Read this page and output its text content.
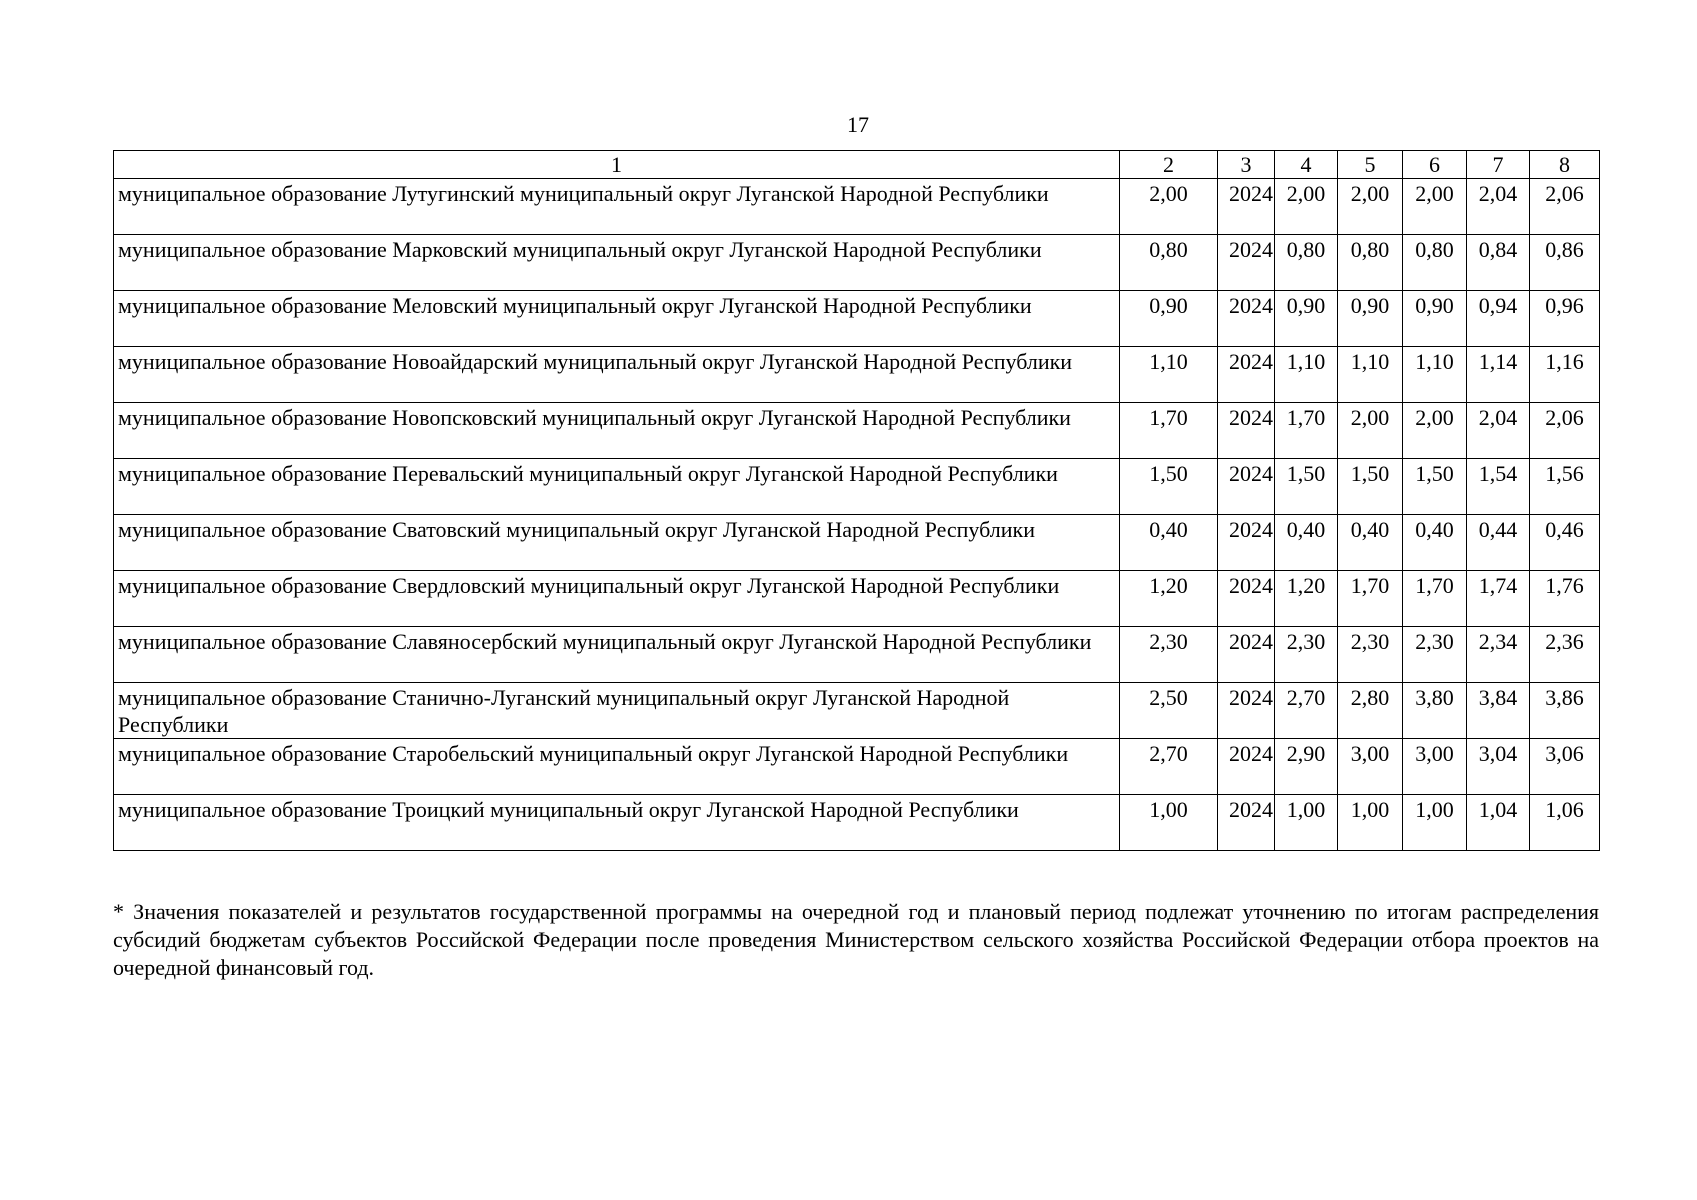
17
1	2	3	4	5	6	7	8
муниципальное образование Лутугинский муниципальный округ Луганской Народной Республики	2,00	2024	2,00	2,00	2,00	2,04	2,06
муниципальное образование Марковский муниципальный округ Луганской Народной Республики	0,80	2024	0,80	0,80	0,80	0,84	0,86
муниципальное образование Меловский муниципальный округ Луганской Народной Республики	0,90	2024	0,90	0,90	0,90	0,94	0,96
муниципальное образование Новоайдарский муниципальный округ Луганской Народной Республики	1,10	2024	1,10	1,10	1,10	1,14	1,16
муниципальное образование Новопсковский муниципальный округ Луганской Народной Республики	1,70	2024	1,70	2,00	2,00	2,04	2,06
муниципальное образование Перевальский муниципальный округ Луганской Народной Республики	1,50	2024	1,50	1,50	1,50	1,54	1,56
муниципальное образование Сватовский муниципальный округ Луганской Народной Республики	0,40	2024	0,40	0,40	0,40	0,44	0,46
муниципальное образование Свердловский муниципальный округ Луганской Народной Республики	1,20	2024	1,20	1,70	1,70	1,74	1,76
муниципальное образование Славяносербский муниципальный округ Луганской Народной Республики	2,30	2024	2,30	2,30	2,30	2,34	2,36
муниципальное образование Станично-Луганский муниципальный округ Луганской Народной Республики	2,50	2024	2,70	2,80	3,80	3,84	3,86
муниципальное образование Старобельский муниципальный округ Луганской Народной Республики	2,70	2024	2,90	3,00	3,00	3,04	3,06
муниципальное образование Троицкий муниципальный округ Луганской Народной Республики	1,00	2024	1,00	1,00	1,00	1,04	1,06
* Значения показателей и результатов государственной программы на очередной год и плановый период подлежат уточнению по итогам распределения субсидий бюджетам субъектов Российской Федерации после проведения Министерством сельского хозяйства Российской Федерации отбора проектов на очередной финансовый год.
